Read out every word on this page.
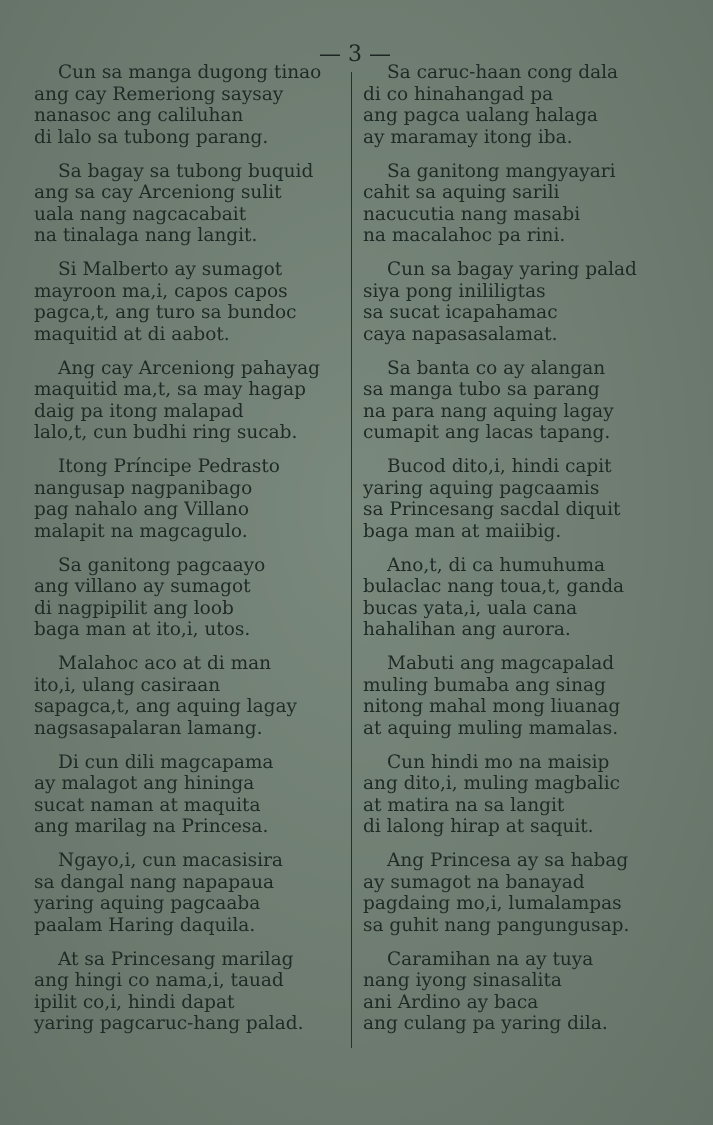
— 3 —
Cun sa manga dugong tinao
ang cay Remeriong saysay
nanasoc ang caliluhan
di lalo sa tubong parang.
Sa bagay sa tubong buquid
ang sa cay Arceniong sulit
uala nang nagcacabait
na tinalaga nang langit.
Si Malberto ay sumagot
mayroon ma,i, capos capos
pagca,t, ang turo sa bundoc
maquitid at di aabot.
Ang cay Arceniong pahayag
maquitid ma,t, sa may hagap
daig pa itong malapad
lalo,t, cun budhi ring sucab.
Itong Príncipe Pedrasto
nangusap nagpanibago
pag nahalo ang Villano
malapit na magcagulo.
Sa ganitong pagcaayo
ang villano ay sumagot
di nagpipilit ang loob
baga man at ito,i, utos.
Malahoc aco at di man
ito,i, ulang casiraan
sapagca,t, ang aquing lagay
nagsasapalaran lamang.
Di cun dili magcapama
ay malagot ang hininga
sucat naman at maquita
ang marilag na Princesa.
Ngayo,i, cun macasisira
sa dangal nang napapaua
yaring aquing pagcaaba
paalam Haring daquila.
At sa Princesang marilag
ang hingi co nama,i, tauad
ipilit co,i, hindi dapat
yaring pagcaruc-hang palad.
Sa caruc-haan cong dala
di co hinahangad pa
ang pagca ualang halaga
ay maramay itong iba.
Sa ganitong mangyayari
cahit sa aquing sarili
nacucutia nang masabi
na macalahoc pa rini.
Cun sa bagay yaring palad
siya pong inililigtas
sa sucat icapahamac
caya napasasalamat.
Sa banta co ay alangan
sa manga tubo sa parang
na para nang aquing lagay
cumapit ang lacas tapang.
Bucod dito,i, hindi capit
yaring aquing pagcaamis
sa Princesang sacdal diquit
baga man at maiibig.
Ano,t, di ca humuhuma
bulaclac nang toua,t, ganda
bucas yata,i, uala cana
hahalihan ang aurora.
Mabuti ang magcapalad
muling bumaba ang sinag
nitong mahal mong liuanag
at aquing muling mamalas.
Cun hindi mo na maisip
ang dito,i, muling magbalic
at matira na sa langit
di lalong hirap at saquit.
Ang Princesa ay sa habag
ay sumagot na banayad
pagdaing mo,i, lumalampas
sa guhit nang pangungusap.
Caramihan na ay tuya
nang iyong sinasalita
ani Ardino ay baca
ang culang pa yaring dila.
